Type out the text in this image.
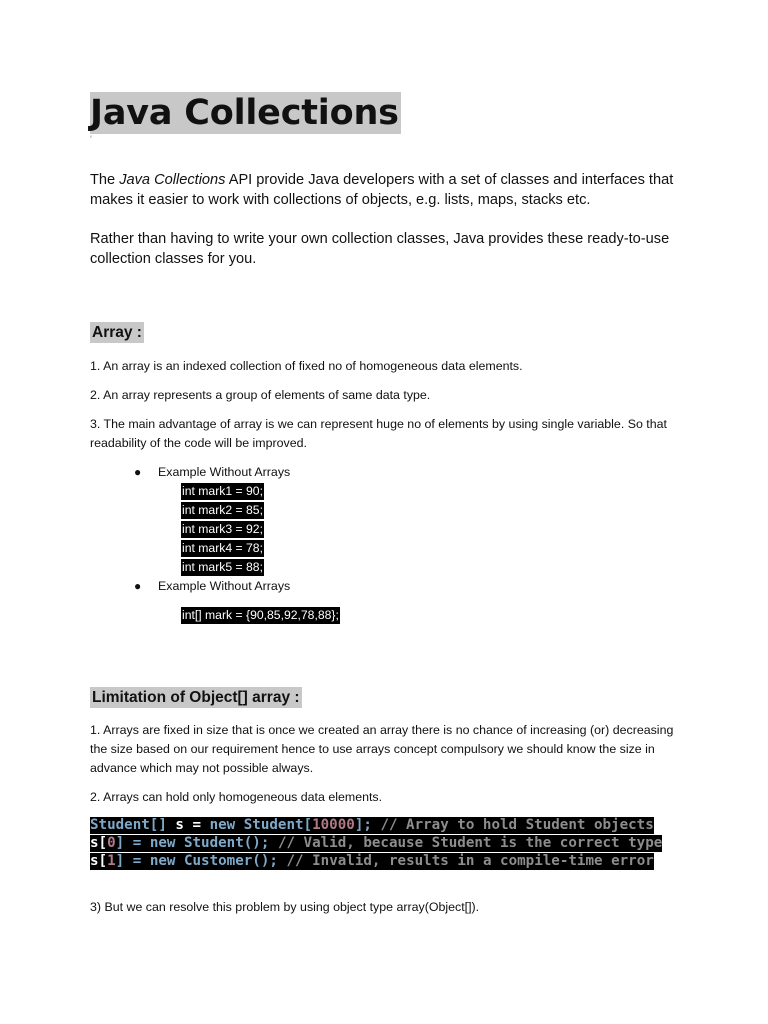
Java Collections
‘

The Java Collections API provide Java developers with a set of classes and interfaces that makes it easier to work with collections of objects, e.g. lists, maps, stacks etc.

Rather than having to write your own collection classes, Java provides these ready-to-use collection classes for you.

Array :

1. An array is an indexed collection of fixed no of homogeneous data elements.

2. An array represents a group of elements of same data type.

3. The main advantage of array is we can represent huge no of elements by using single variable. So that readability of the code will be improved.

● Example Without Arrays
int mark1 = 90;
int mark2 = 85;
int mark3 = 92;
int mark4 = 78;
int mark5 = 88;
● Example Without Arrays
int[] mark = {90,85,92,78,88};
Limitation of Object[] array :

1. Arrays are fixed in size that is once we created an array there is no chance of increasing (or) decreasing the size based on our requirement hence to use arrays concept compulsory we should know the size in advance which may not possible always.

2. Arrays can hold only homogeneous data elements.

Student[] s = new Student[10000]; // Array to hold Student objects
s[0] = new Student(); // Valid, because Student is the correct type
s[1] = new Customer(); // Invalid, results in a compile-time error

3) But we can resolve this problem by using object type array(Object[]).
